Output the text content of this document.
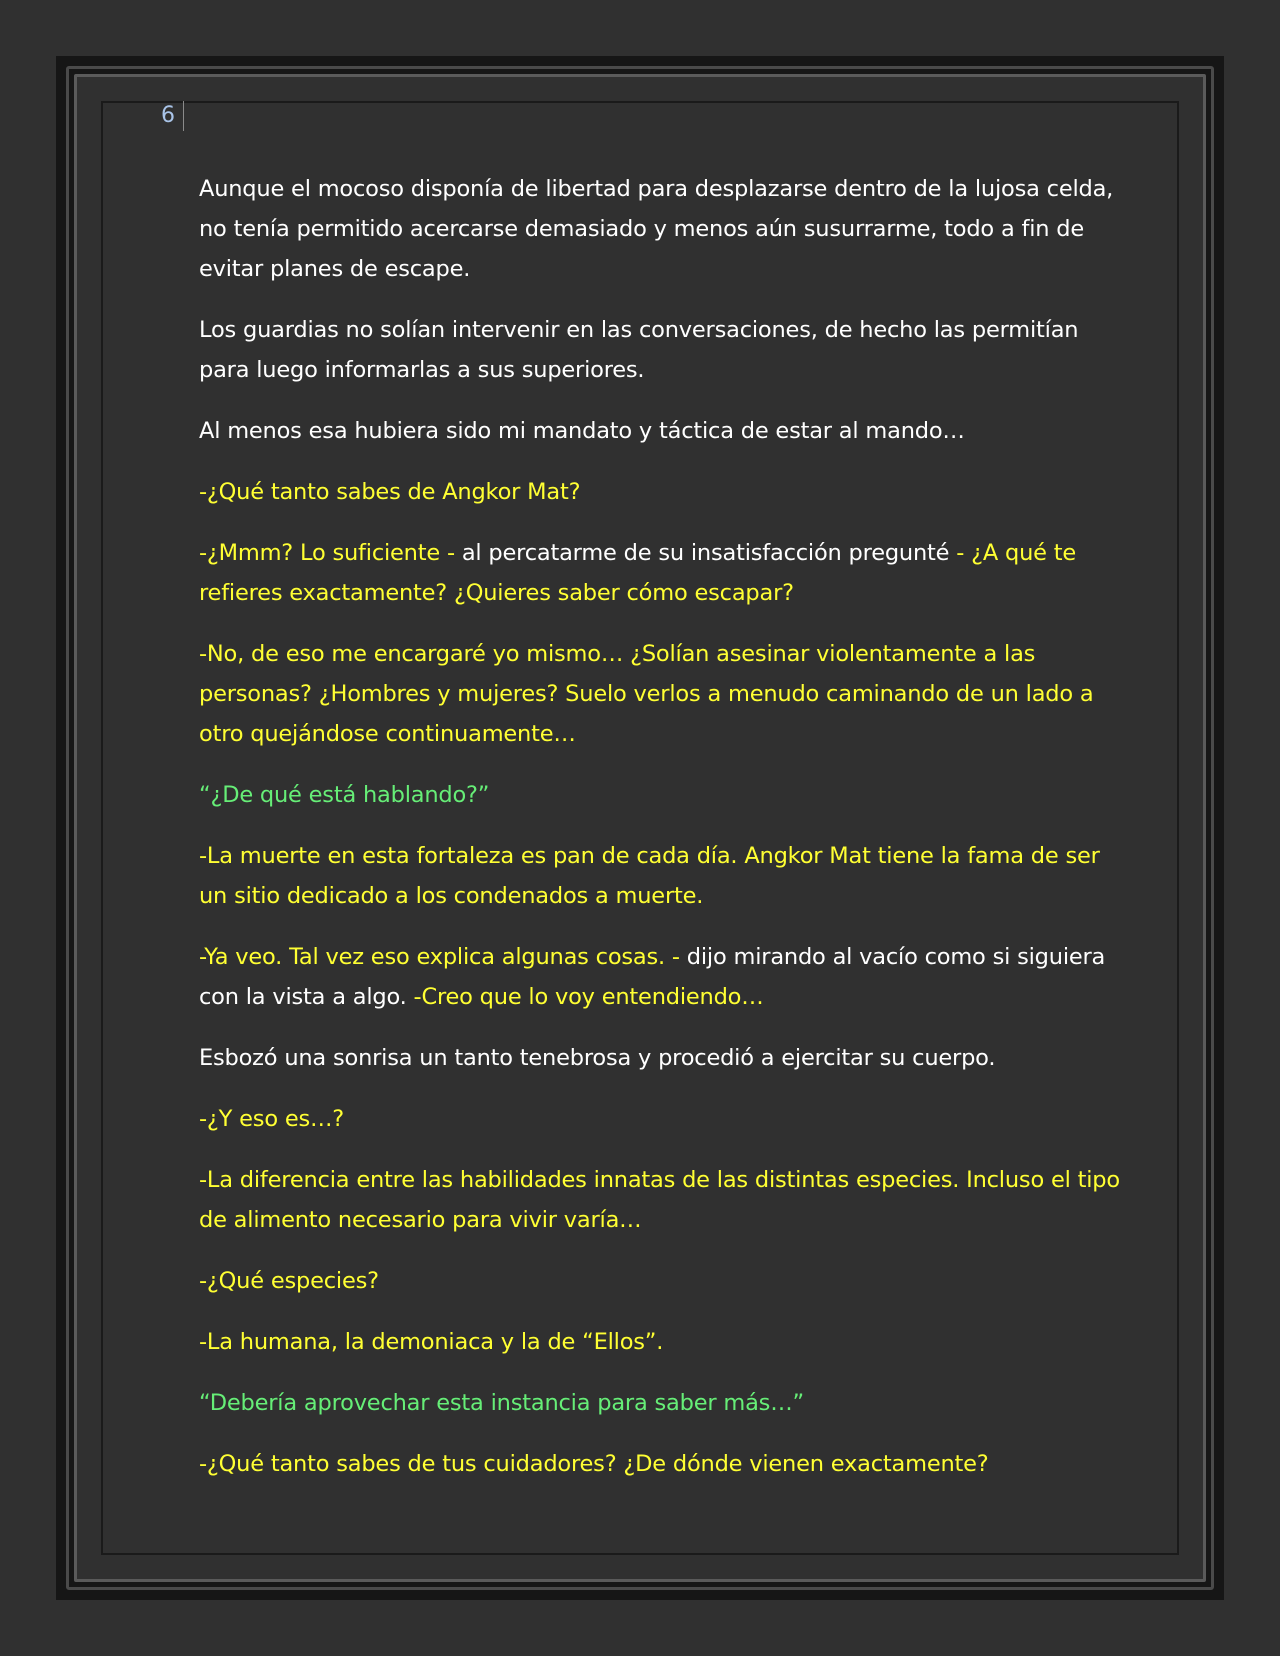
6

Aunque el mocoso disponía de libertad para desplazarse dentro de la lujosa celda, no tenía permitido acercarse demasiado y menos aún susurrarme, todo a fin de evitar planes de escape.

Los guardias no solían intervenir en las conversaciones, de hecho las permitían para luego informarlas a sus superiores.

Al menos esa hubiera sido mi mandato y táctica de estar al mando…

-¿Qué tanto sabes de Angkor Mat?

-¿Mmm? Lo suficiente - al percatarme de su insatisfacción pregunté - ¿A qué te refieres exactamente? ¿Quieres saber cómo escapar?

-No, de eso me encargaré yo mismo… ¿Solían asesinar violentamente a las personas? ¿Hombres y mujeres? Suelo verlos a menudo caminando de un lado a otro quejándose continuamente…

“¿De qué está hablando?”

-La muerte en esta fortaleza es pan de cada día. Angkor Mat tiene la fama de ser un sitio dedicado a los condenados a muerte.

-Ya veo. Tal vez eso explica algunas cosas. - dijo mirando al vacío como si siguiera con la vista a algo. -Creo que lo voy entendiendo…

Esbozó una sonrisa un tanto tenebrosa y procedió a ejercitar su cuerpo.

-¿Y eso es…?

-La diferencia entre las habilidades innatas de las distintas especies. Incluso el tipo de alimento necesario para vivir varía…

-¿Qué especies?

-La humana, la demoniaca y la de “Ellos”.

“Debería aprovechar esta instancia para saber más…”

-¿Qué tanto sabes de tus cuidadores? ¿De dónde vienen exactamente?
